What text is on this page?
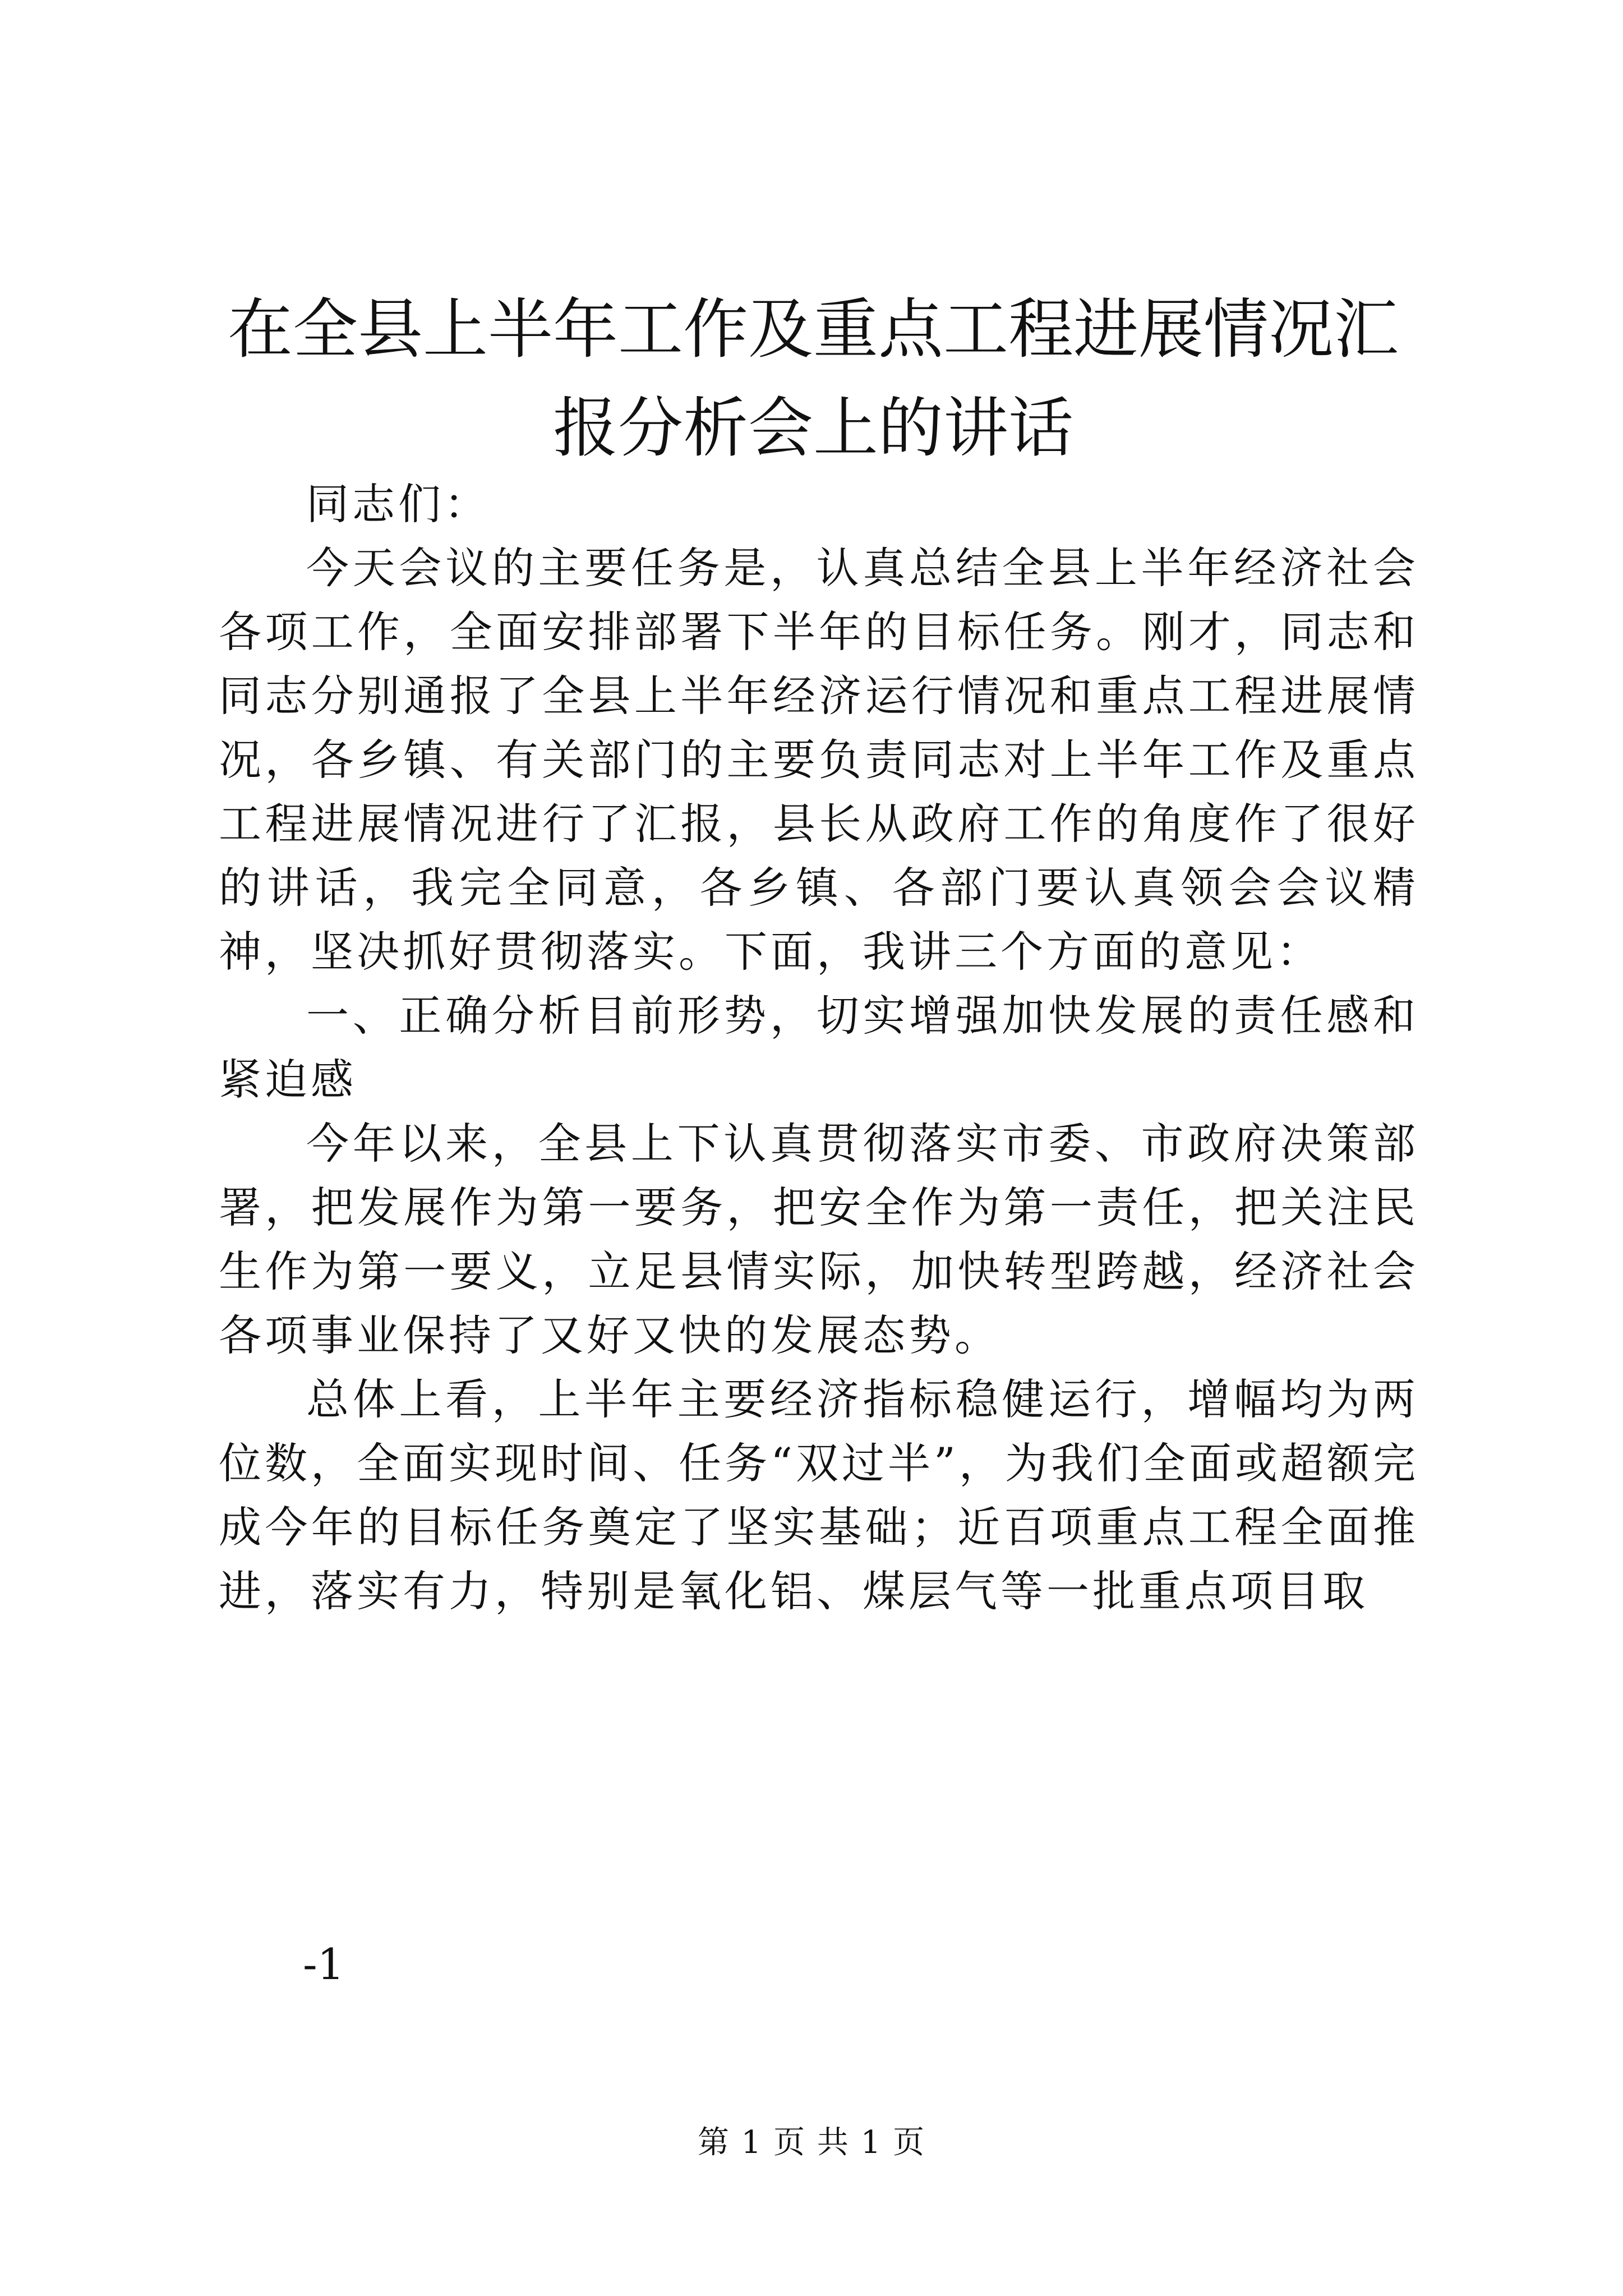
在全县上半年工作及重点工程进展情况汇报分析会上的讲话

同志们：

今天会议的主要任务是，认真总结全县上半年经济社会各项工作，全面安排部署下半年的目标任务。刚才，同志和同志分别通报了全县上半年经济运行情况和重点工程进展情况，各乡镇、有关部门的主要负责同志对上半年工作及重点工程进展情况进行了汇报，县长从政府工作的角度作了很好的讲话，我完全同意，各乡镇、各部门要认真领会会议精神，坚决抓好贯彻落实。下面，我讲三个方面的意见：

一、正确分析目前形势，切实增强加快发展的责任感和紧迫感

今年以来，全县上下认真贯彻落实市委、市政府决策部署，把发展作为第一要务，把安全作为第一责任，把关注民生作为第一要义，立足县情实际，加快转型跨越，经济社会各项事业保持了又好又快的发展态势。

总体上看，上半年主要经济指标稳健运行，增幅均为两位数，全面实现时间、任务“双过半”，为我们全面或超额完成今年的目标任务奠定了坚实基础；近百项重点工程全面推进，落实有力，特别是氧化铝、煤层气等一批重点项目取

-1
第 1 页 共 1 页
